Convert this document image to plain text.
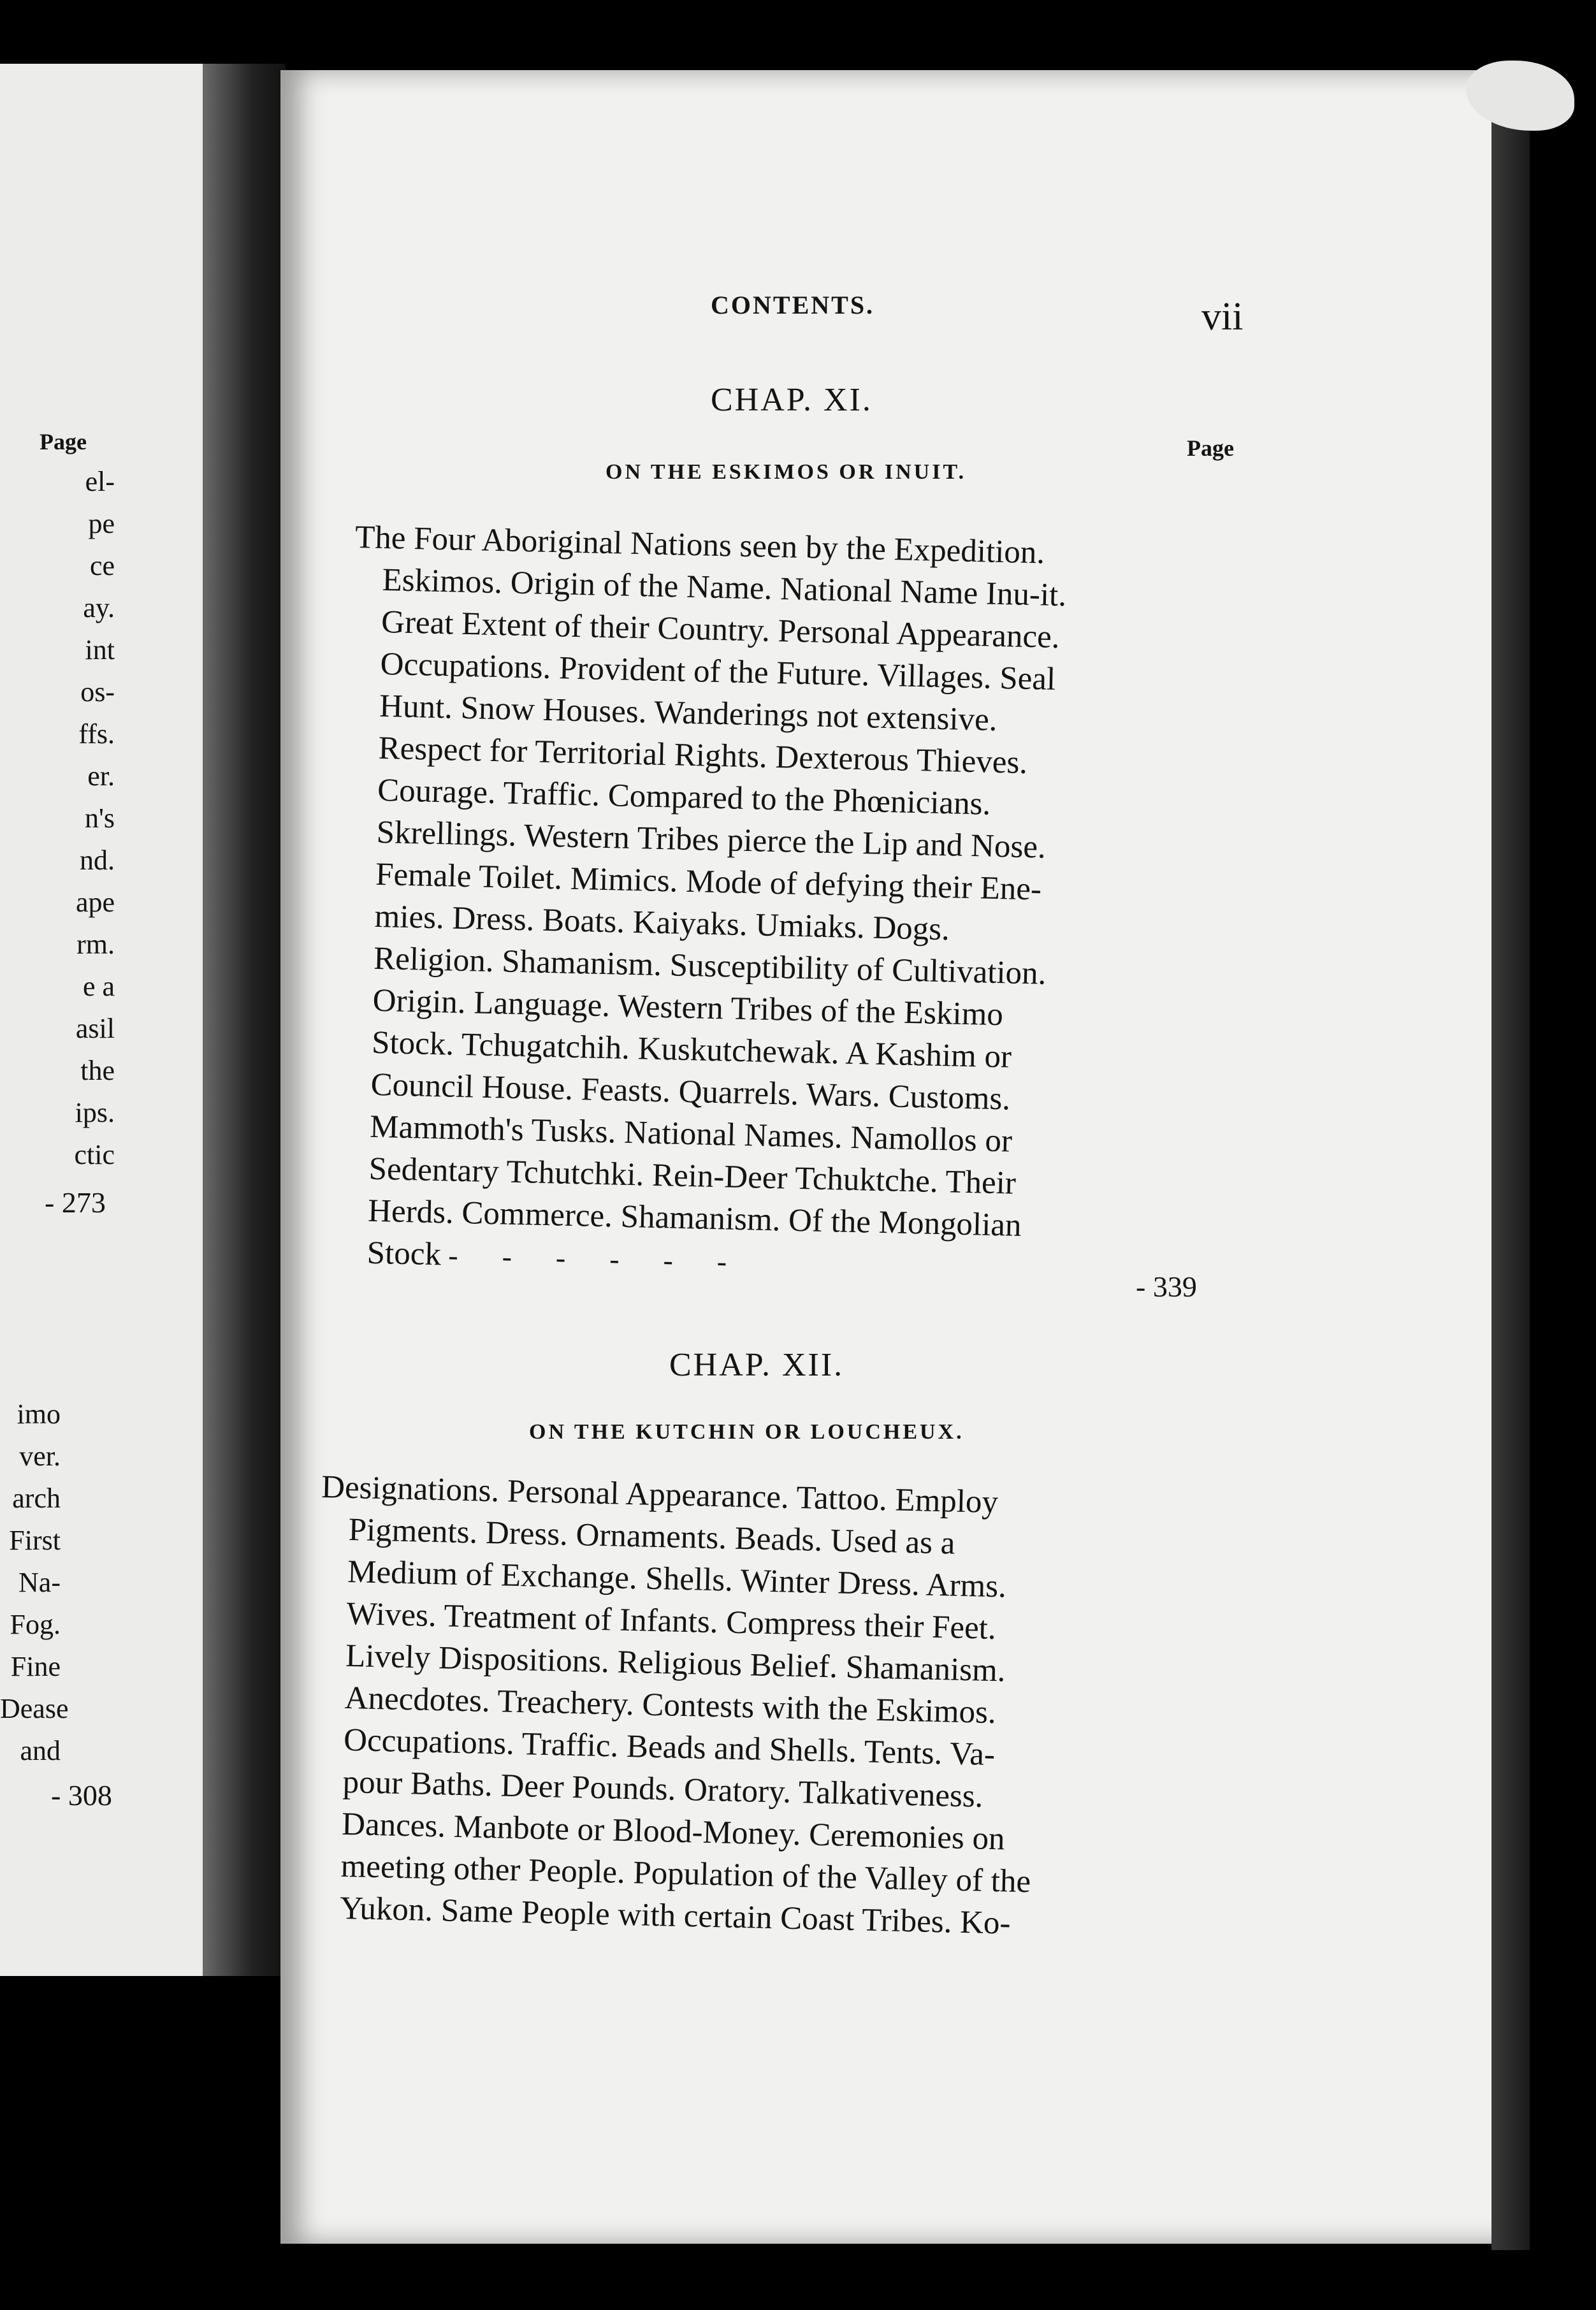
Page
el-
pe
ce
ay.
int
os-
ffs.
er.
n's
nd.
ape
rm.
e a
asil
the
ips.
ctic
- 273
imo
ver.
arch
First
Na-
Fog.
Fine
Dease
and
- 308
CONTENTS.	vii
CHAP. XI.
Page
ON THE ESKIMOS OR INUIT.
The Four Aboriginal Nations seen by the Expedition.
Eskimos. Origin of the Name. National Name Inu-it.
Great Extent of their Country. Personal Appearance.
Occupations. Provident of the Future. Villages. Seal
Hunt. Snow Houses. Wanderings not extensive.
Respect for Territorial Rights. Dexterous Thieves.
Courage. Traffic. Compared to the Phœnicians.
Skrellings. Western Tribes pierce the Lip and Nose.
Female Toilet. Mimics. Mode of defying their Ene-
mies. Dress. Boats. Kaiyaks. Umiaks. Dogs.
Religion. Shamanism. Susceptibility of Cultivation.
Origin. Language. Western Tribes of the Eskimo
Stock. Tchugatchih. Kuskutchewak. A Kashim or
Council House. Feasts. Quarrels. Wars. Customs.
Mammoth's Tusks. National Names. Namollos or
Sedentary Tchutchki. Rein-Deer Tchuktche. Their
Herds. Commerce. Shamanism. Of the Mongolian
Stock -      -      -      -      -      -
- 339
CHAP. XII.
ON THE KUTCHIN OR LOUCHEUX.
Designations. Personal Appearance. Tattoo. Employ
Pigments. Dress. Ornaments. Beads. Used as a
Medium of Exchange. Shells. Winter Dress. Arms.
Wives. Treatment of Infants. Compress their Feet.
Lively Dispositions. Religious Belief. Shamanism.
Anecdotes. Treachery. Contests with the Eskimos.
Occupations. Traffic. Beads and Shells. Tents. Va-
pour Baths. Deer Pounds. Oratory. Talkativeness.
Dances. Manbote or Blood-Money. Ceremonies on
meeting other People. Population of the Valley of the
Yukon. Same People with certain Coast Tribes. Ko-
